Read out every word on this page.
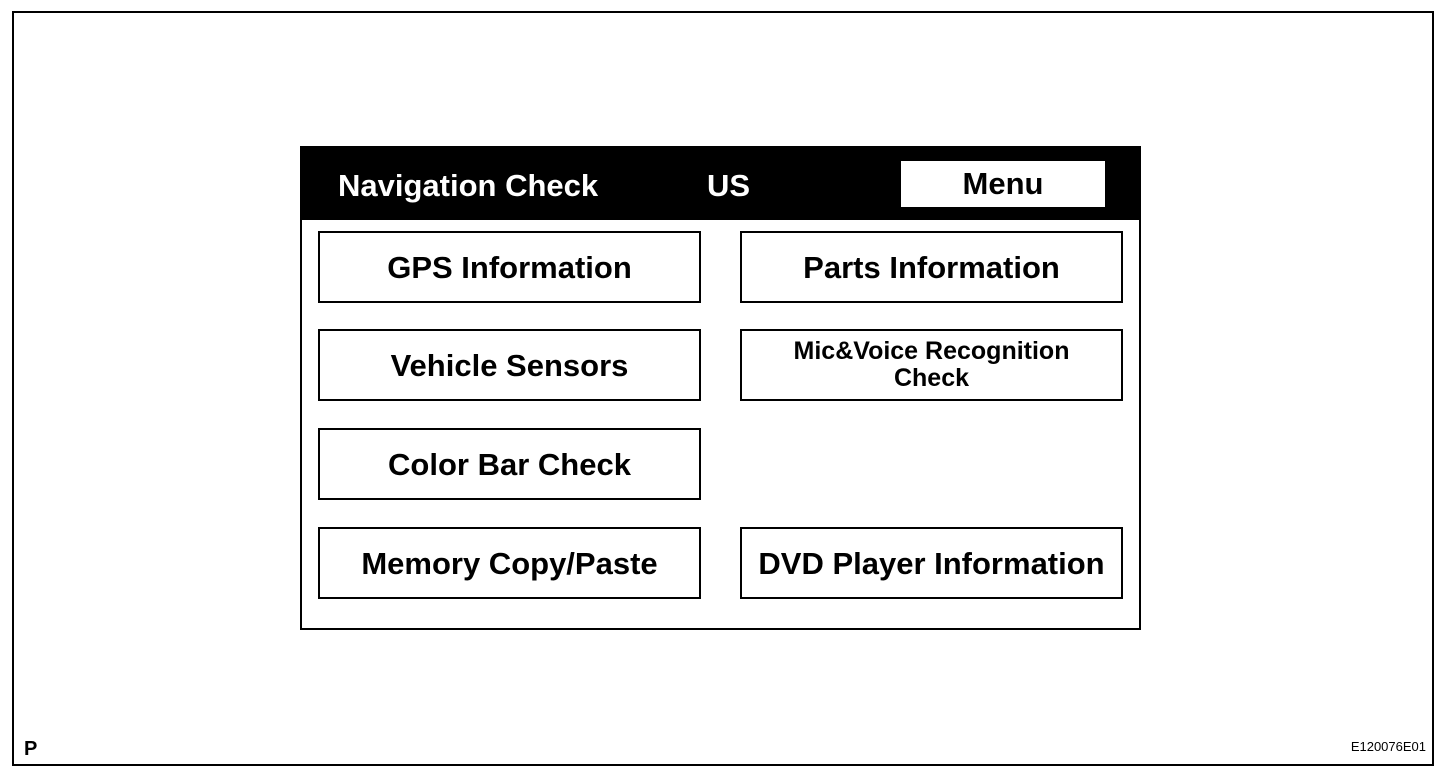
Navigation Check	US	Menu
GPS Information	Parts Information
Vehicle Sensors	Mic&Voice Recognition
Check
Color Bar Check
Memory Copy/Paste	DVD Player Information
P	E120076E01
